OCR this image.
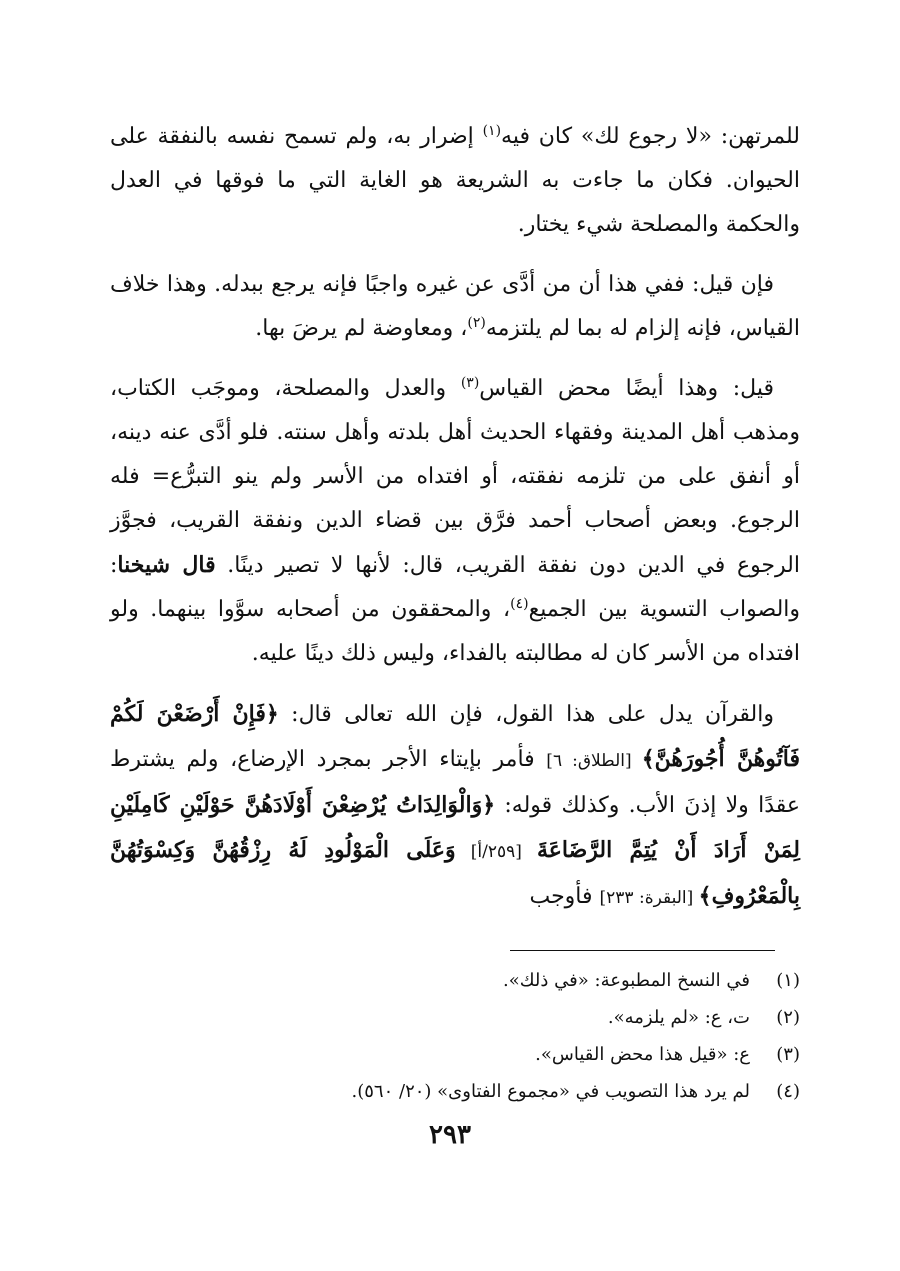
للمرتهن: «لا رجوع لك» كان فيه$^{(١)}$ إضرار به، ولم تسمح نفسه بالنفقة على الحيوان. فكان ما جاءت به الشريعة هو الغاية التي ما فوقها في العدل والحكمة والمصلحة شيء يختار.

فإن قيل: ففي هذا أن من أدَّى عن غيره واجبًا فإنه يرجع ببدله. وهذا خلاف القياس، فإنه إلزام له بما لم يلتزمه$^{(٢)}$، ومعاوضة لم يرضَ بها.

قيل: وهذا أيضًا محض القياس$^{(٣)}$ والعدل والمصلحة، وموجَب الكتاب، ومذهب أهل المدينة وفقهاء الحديث أهل بلدته وأهل سنته. فلو أدَّى عنه دينه، أو أنفق على من تلزمه نفقته، أو افتداه من الأسر ولم ينو التبرُّع= فله الرجوع. وبعض أصحاب أحمد فرَّق بين قضاء الدين ونفقة القريب، فجوَّز الرجوع في الدين دون نفقة القريب، قال: لأنها لا تصير دينًا. قال شيخنا: والصواب التسوية بين الجميع$^{(٤)}$، والمحققون من أصحابه سوَّوا بينهما. ولو افتداه من الأسر كان له مطالبته بالفداء، وليس ذلك دينًا عليه.

والقرآن يدل على هذا القول، فإن الله تعالى قال: ﴿فَإِنْ أَرْضَعْنَ لَكُمْ فَآتُوهُنَّ أُجُورَهُنَّ﴾ [الطلاق: ٦] فأمر بإيتاء الأجر بمجرد الإرضاع، ولم يشترط عقدًا ولا إذنَ الأب. وكذلك قوله: ﴿وَالْوَالِدَاتُ يُرْضِعْنَ أَوْلَادَهُنَّ حَوْلَيْنِ كَامِلَيْنِ لِمَنْ أَرَادَ أَنْ يُتِمَّ الرَّضَاعَةَ [٢٥٩/أ] وَعَلَى الْمَوْلُودِ لَهُ رِزْقُهُنَّ وَكِسْوَتُهُنَّ بِالْمَعْرُوفِ﴾ [البقرة: ٢٣٣] فأوجب

(١)
في النسخ المطبوعة: «في ذلك».
(٢)
ت، ع: «لم يلزمه».
(٣)
ع: «قيل هذا محض القياس».
(٤)
لم يرد هذا التصويب في «مجموع الفتاوى» (٢٠/ ٥٦٠).
٢٩٣
